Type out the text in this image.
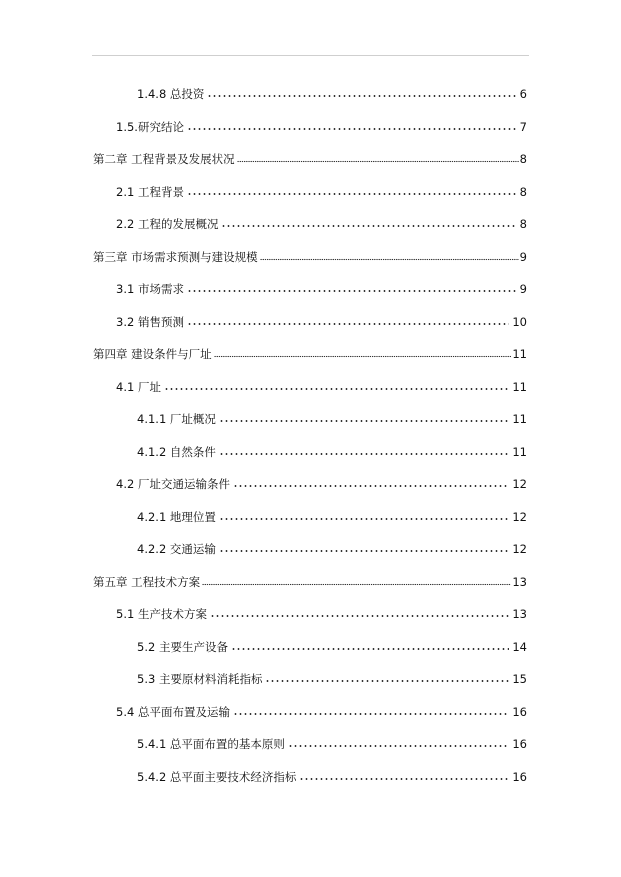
1.4.8 总投资	6
1.5.研究结论	7
第二章 工程背景及发展状况	8
2.1 工程背景	8
2.2 工程的发展概况	8
第三章 市场需求预测与建设规模	9
3.1 市场需求	9
3.2 销售预测	10
第四章 建设条件与厂址	11
4.1 厂址	11
4.1.1 厂址概况	11
4.1.2 自然条件	11
4.2 厂址交通运输条件	12
4.2.1 地理位置	12
4.2.2 交通运输	12
第五章 工程技术方案	13
5.1 生产技术方案	13
5.2 主要生产设备	14
5.3 主要原材料消耗指标	15
5.4 总平面布置及运输	16
5.4.1 总平面布置的基本原则	16
5.4.2 总平面主要技术经济指标	16
